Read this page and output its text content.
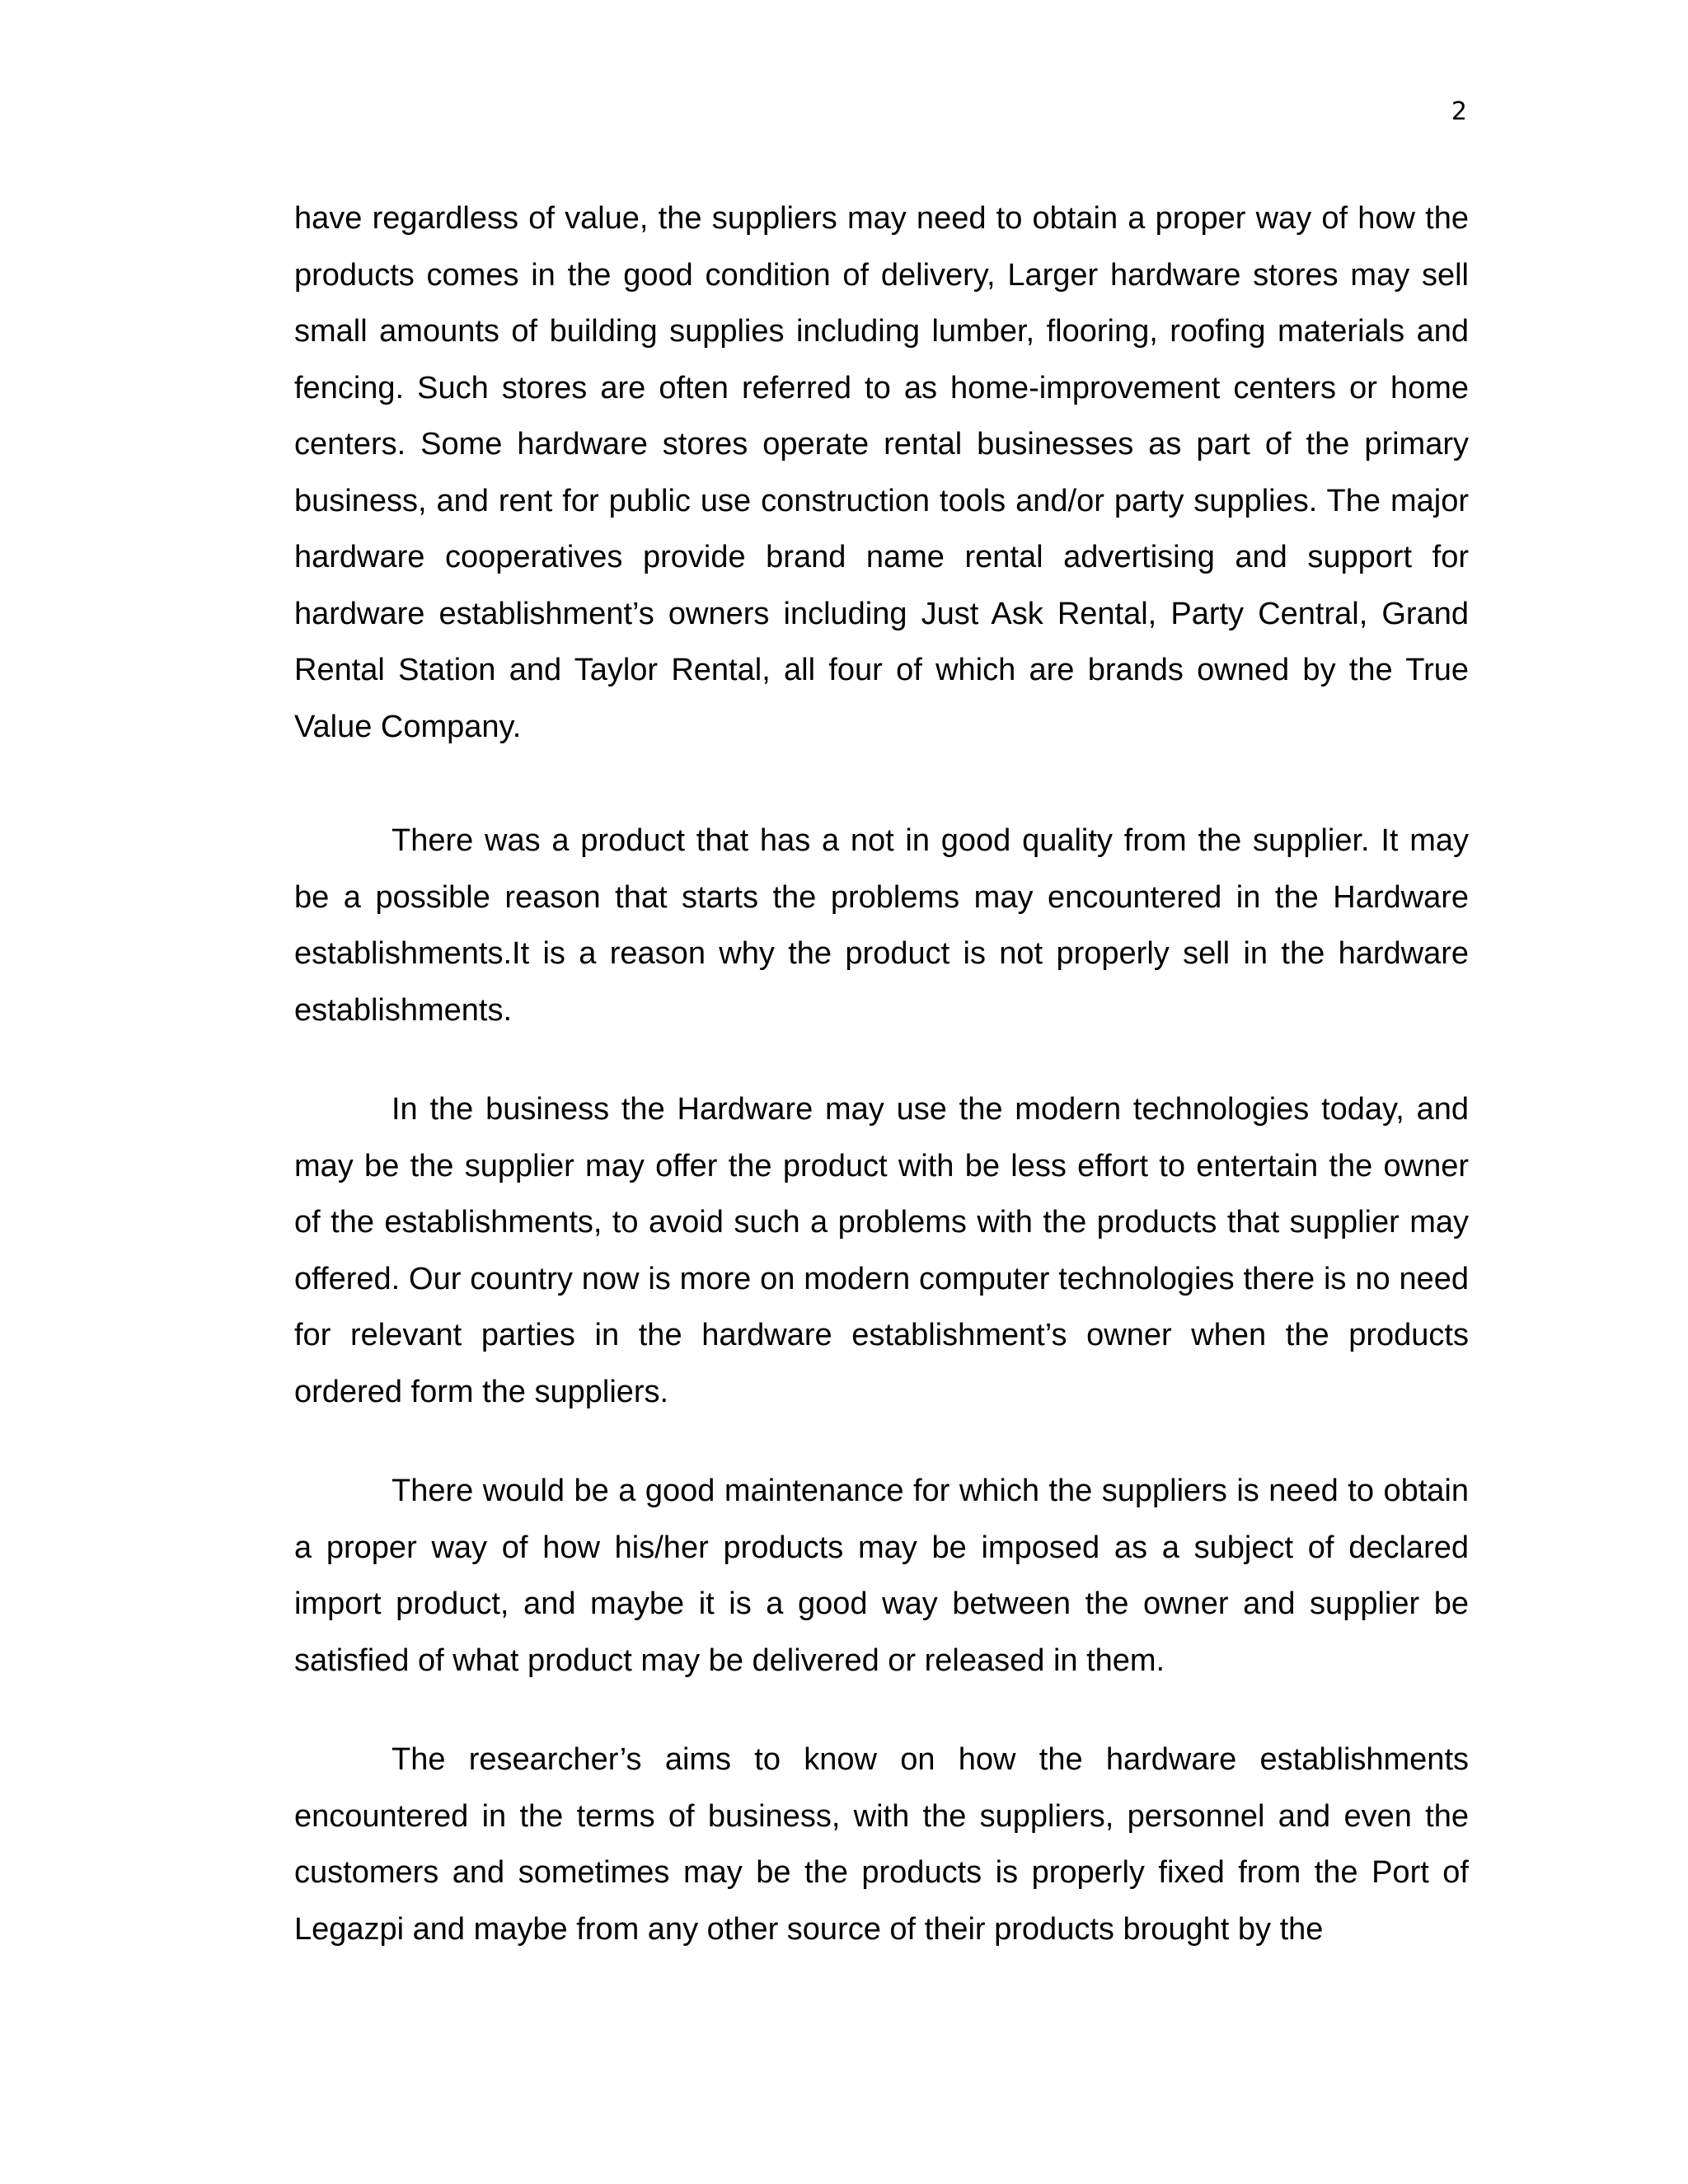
2

have regardless of value, the suppliers may need to obtain a proper way of how the products comes in the good condition of delivery, Larger hardware stores may sell small amounts of building supplies including lumber, flooring, roofing materials and fencing. Such stores are often referred to as home-improvement centers or home centers. Some hardware stores operate rental businesses as part of the primary business, and rent for public use construction tools and/or party supplies. The major hardware cooperatives provide brand name rental advertising and support for hardware establishment’s owners including Just Ask Rental, Party Central, Grand Rental Station and Taylor Rental, all four of which are brands owned by the True Value Company.

There was a product that has a not in good quality from the supplier. It may be a possible reason that starts the problems may encountered in the Hardware establishments.It is a reason why the product is not properly sell in the hardware establishments.

In the business the Hardware may use the modern technologies today, and may be the supplier may offer the product with be less effort to entertain the owner of the establishments, to avoid such a problems with the products that supplier may offered. Our country now is more on modern computer technologies there is no need for relevant parties in the hardware establishment’s owner when the products ordered form the suppliers.

There would be a good maintenance for which the suppliers is need to obtain a proper way of how his/her products may be imposed as a subject of declared import product, and maybe it is a good way between the owner and supplier be satisfied of what product may be delivered or released in them.

The researcher’s aims to know on how the hardware establishments encountered in the terms of business, with the suppliers, personnel and even the customers and sometimes may be the products is properly fixed from the Port of Legazpi and maybe from any other source of their products brought by the
